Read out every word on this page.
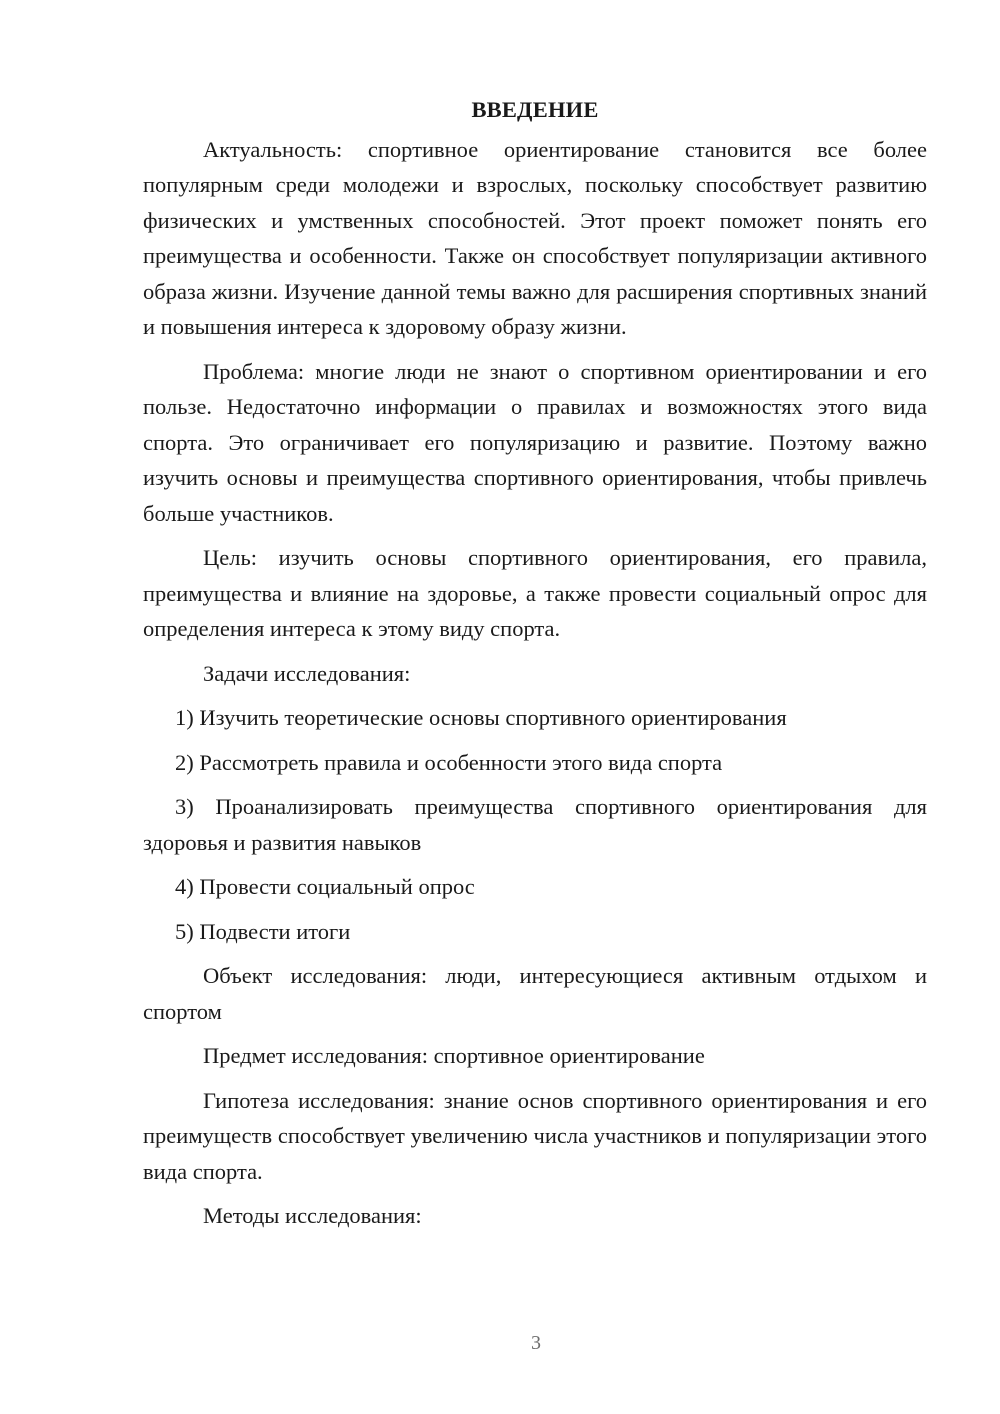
ВВЕДЕНИЕ

Актуальность: спортивное ориентирование становится все более популярным среди молодежи и взрослых, поскольку способствует развитию физических и умственных способностей. Этот проект поможет понять его преимущества и особенности. Также он способствует популяризации активного образа жизни. Изучение данной темы важно для расширения спортивных знаний и повышения интереса к здоровому образу жизни.

Проблема: многие люди не знают о спортивном ориентировании и его пользе. Недостаточно информации о правилах и возможностях этого вида спорта. Это ограничивает его популяризацию и развитие. Поэтому важно изучить основы и преимущества спортивного ориентирования, чтобы привлечь больше участников.

Цель: изучить основы спортивного ориентирования, его правила, преимущества и влияние на здоровье, а также провести социальный опрос для определения интереса к этому виду спорта.

Задачи исследования:

1) Изучить теоретические основы спортивного ориентирования

2) Рассмотреть правила и особенности этого вида спорта

3) Проанализировать преимущества спортивного ориентирования для здоровья и развития навыков

4) Провести социальный опрос

5) Подвести итоги

Объект исследования: люди, интересующиеся активным отдыхом и спортом

Предмет исследования: спортивное ориентирование

Гипотеза исследования: знание основ спортивного ориентирования и его преимуществ способствует увеличению числа участников и популяризации этого вида спорта.

Методы исследования:

3
